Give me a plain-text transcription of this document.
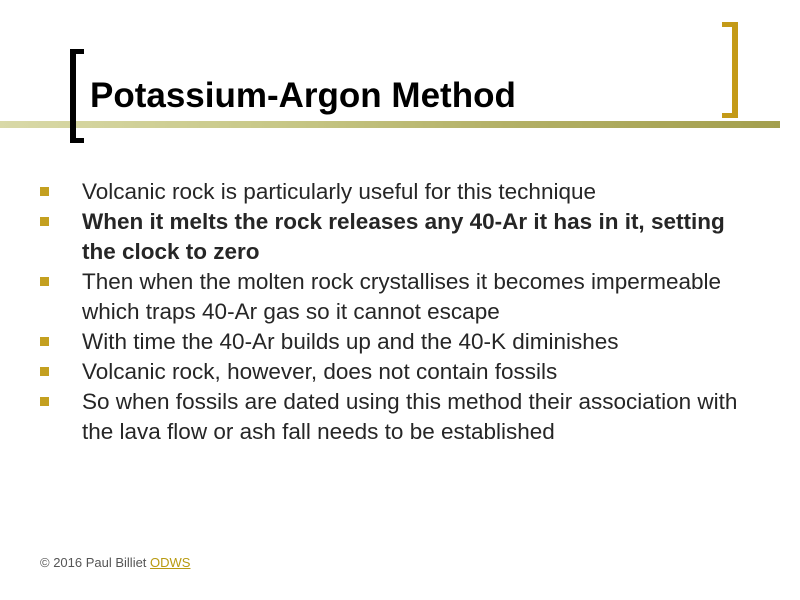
Potassium-Argon Method
Volcanic rock is particularly useful for this technique
When it melts the rock releases any 40-Ar it has in it, setting the clock to zero
Then when the molten rock crystallises it becomes impermeable which traps 40-Ar gas so it cannot escape
With time the 40-Ar builds up and the 40-K diminishes
Volcanic rock, however, does not contain fossils
So when fossils are dated using this method their association with the lava flow or ash fall needs to be established
© 2016 Paul Billiet ODWS
